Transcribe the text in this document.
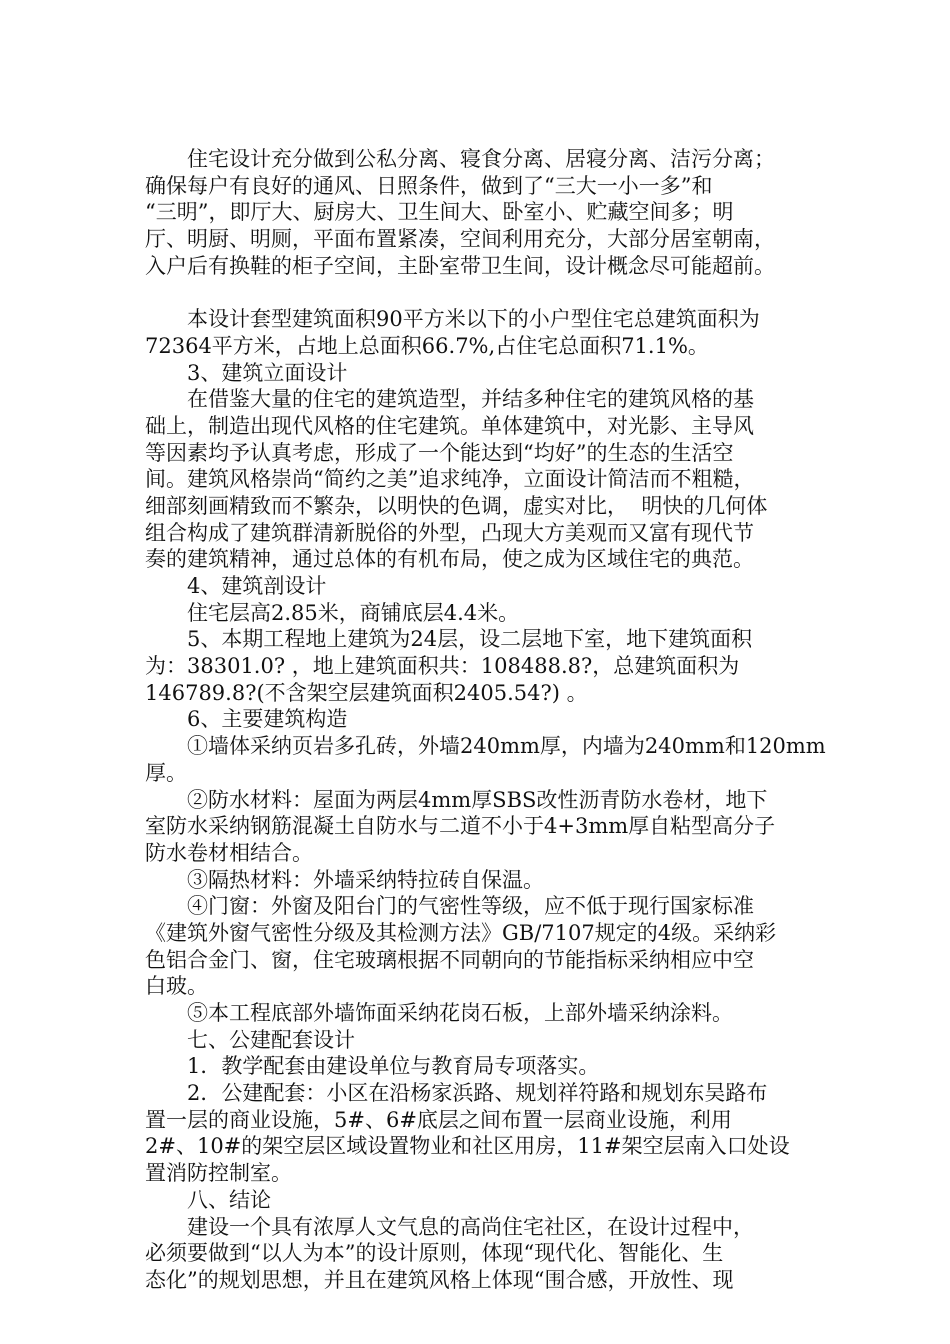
住宅设计充分做到公私分离、寝食分离、居寝分离、洁污分离；
确保每户有良好的通风、日照条件，做到了“三大一小一多”和
“三明”，即厅大、厨房大、卫生间大、卧室小、贮藏空间多；明
厅、明厨、明厕，平面布置紧凑，空间利用充分，大部分居室朝南，
入户后有换鞋的柜子空间，主卧室带卫生间，设计概念尽可能超前。
本设计套型建筑面积90平方米以下的小户型住宅总建筑面积为
72364平方米，占地上总面积66.7%,占住宅总面积71.1%。
3、建筑立面设计
在借鉴大量的住宅的建筑造型，并结多种住宅的建筑风格的基
础上，制造出现代风格的住宅建筑。单体建筑中，对光影、主导风
等因素均予认真考虑，形成了一个能达到“均好”的生态的生活空
间。建筑风格崇尚“简约之美”追求纯净，立面设计简洁而不粗糙，
细部刻画精致而不繁杂，以明快的色调，虚实对比，  明快的几何体
组合构成了建筑群清新脱俗的外型，凸现大方美观而又富有现代节
奏的建筑精神，通过总体的有机布局，使之成为区域住宅的典范。
4、建筑剖设计
住宅层高2.85米，商铺底层4.4米。
5、本期工程地上建筑为24层，设二层地下室，地下建筑面积
为：38301.0? ，地上建筑面积共：108488.8?，总建筑面积为
146789.8?(不含架空层建筑面积2405.54?) 。
6、主要建筑构造
①墙体采纳页岩多孔砖，外墙240mm厚，内墙为240mm和120mm
厚。
②防水材料：屋面为两层4mm厚SBS改性沥青防水卷材，地下
室防水采纳钢筋混凝土自防水与二道不小于4+3mm厚自粘型高分子
防水卷材相结合。
③隔热材料：外墙采纳特拉砖自保温。
④门窗：外窗及阳台门的气密性等级，应不低于现行国家标准
《建筑外窗气密性分级及其检测方法》GB/7107规定的4级。采纳彩
色铝合金门、窗，住宅玻璃根据不同朝向的节能指标采纳相应中空
白玻。
⑤本工程底部外墙饰面采纳花岗石板，上部外墙采纳涂料。
七、公建配套设计
1．教学配套由建设单位与教育局专项落实。
2．公建配套：小区在沿杨家浜路、规划祥符路和规划东吴路布
置一层的商业设施，5#、6#底层之间布置一层商业设施，利用
2#、10#的架空层区域设置物业和社区用房，11#架空层南入口处设
置消防控制室。
八、结论
建设一个具有浓厚人文气息的高尚住宅社区，在设计过程中，
必须要做到“以人为本”的设计原则，体现“现代化、智能化、生
态化”的规划思想，并且在建筑风格上体现“围合感，开放性、现
